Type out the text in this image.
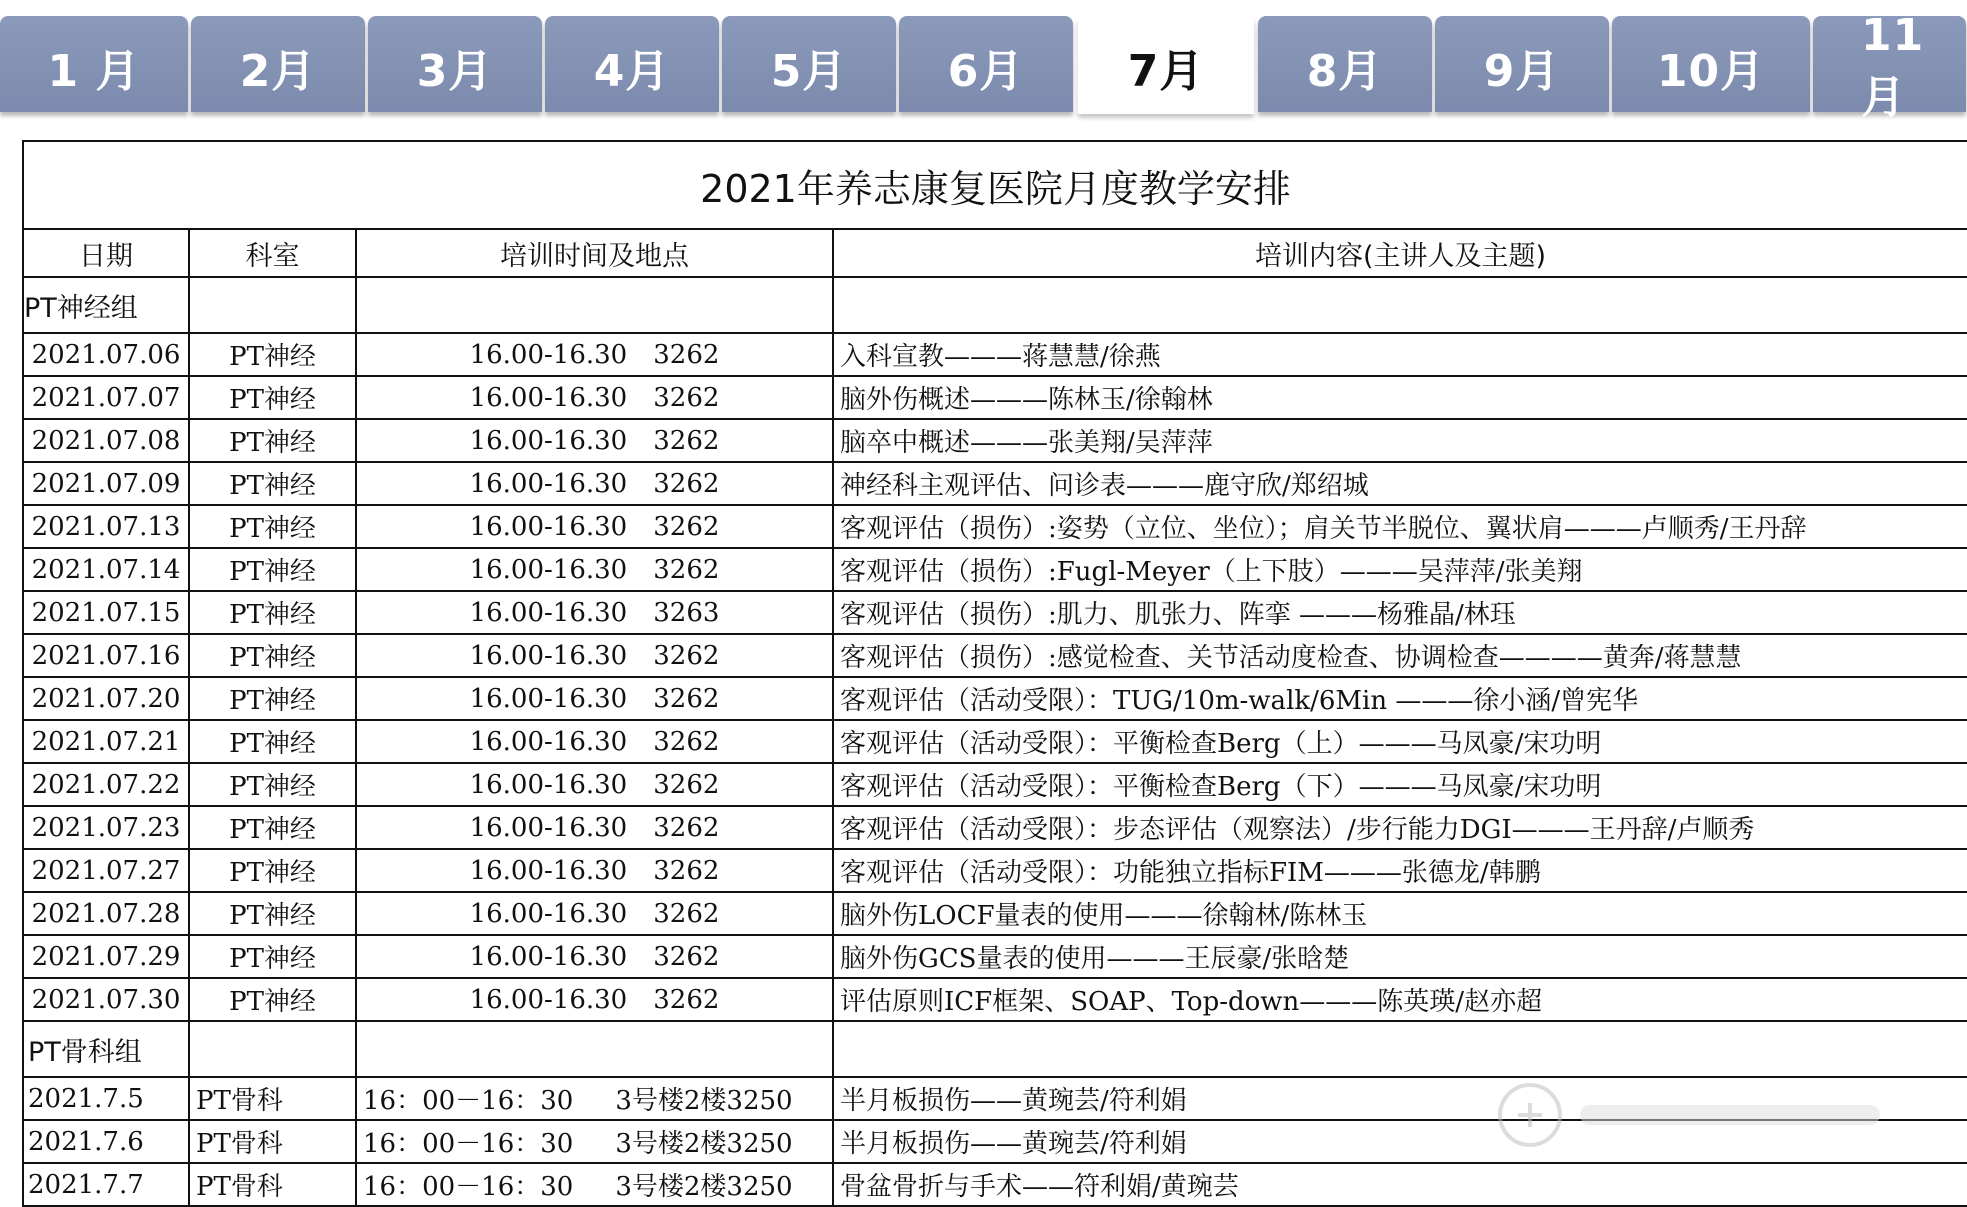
1 月	2月	3月	4月	5月	6月	7月	8月	9月	10月
11月
2021年养志康复医院月度教学安排			
日期	科室	培训时间及地点	培训内容(主讲人及主题)
PT神经组			
2021.07.06	PT神经	16.00-16.30 3262	入科宣教———蒋慧慧/徐燕
2021.07.07	PT神经	16.00-16.30 3262	脑外伤概述———陈林玉/徐翰林
2021.07.08	PT神经	16.00-16.30 3262	脑卒中概述———张美翔/吴萍萍
2021.07.09	PT神经	16.00-16.30 3262	神经科主观评估、问诊表———鹿守欣/郑绍城
2021.07.13	PT神经	16.00-16.30 3262	客观评估（损伤）:姿势（立位、坐位）；肩关节半脱位、翼状肩———卢顺秀/王丹辞
2021.07.14	PT神经	16.00-16.30 3262	客观评估（损伤）:Fugl-Meyer（上下肢）———吴萍萍/张美翔
2021.07.15	PT神经	16.00-16.30 3263	客观评估（损伤）:肌力、肌张力、阵挛 ———杨雅晶/林珏
2021.07.16	PT神经	16.00-16.30 3262	客观评估（损伤）:感觉检查、关节活动度检查、协调检查————黄奔/蒋慧慧
2021.07.20	PT神经	16.00-16.30 3262	客观评估（活动受限）：TUG/10m-walk/6Min ———徐小涵/曾宪华
2021.07.21	PT神经	16.00-16.30 3262	客观评估（活动受限）：平衡检查Berg（上）———马凤豪/宋功明
2021.07.22	PT神经	16.00-16.30 3262	客观评估（活动受限）：平衡检查Berg（下）———马凤豪/宋功明
2021.07.23	PT神经	16.00-16.30 3262	客观评估（活动受限）：步态评估（观察法）/步行能力DGI———王丹辞/卢顺秀
2021.07.27	PT神经	16.00-16.30 3262	客观评估（活动受限）：功能独立指标FIM———张德龙/韩鹏
2021.07.28	PT神经	16.00-16.30 3262	脑外伤LOCF量表的使用———徐翰林/陈林玉
2021.07.29	PT神经	16.00-16.30 3262	脑外伤GCS量表的使用———王辰豪/张晗楚
2021.07.30	PT神经	16.00-16.30 3262	评估原则ICF框架、SOAP、Top-down———陈英瑛/赵亦超
PT骨科组			
2021.7.5	PT骨科	16：00－16：30 3号楼2楼3250	半月板损伤——黄琬芸/符利娟
2021.7.6	PT骨科	16：00－16：30 3号楼2楼3250	半月板损伤——黄琬芸/符利娟
2021.7.7	PT骨科	16：00－16：30 3号楼2楼3250	骨盆骨折与手术——符利娟/黄琬芸
